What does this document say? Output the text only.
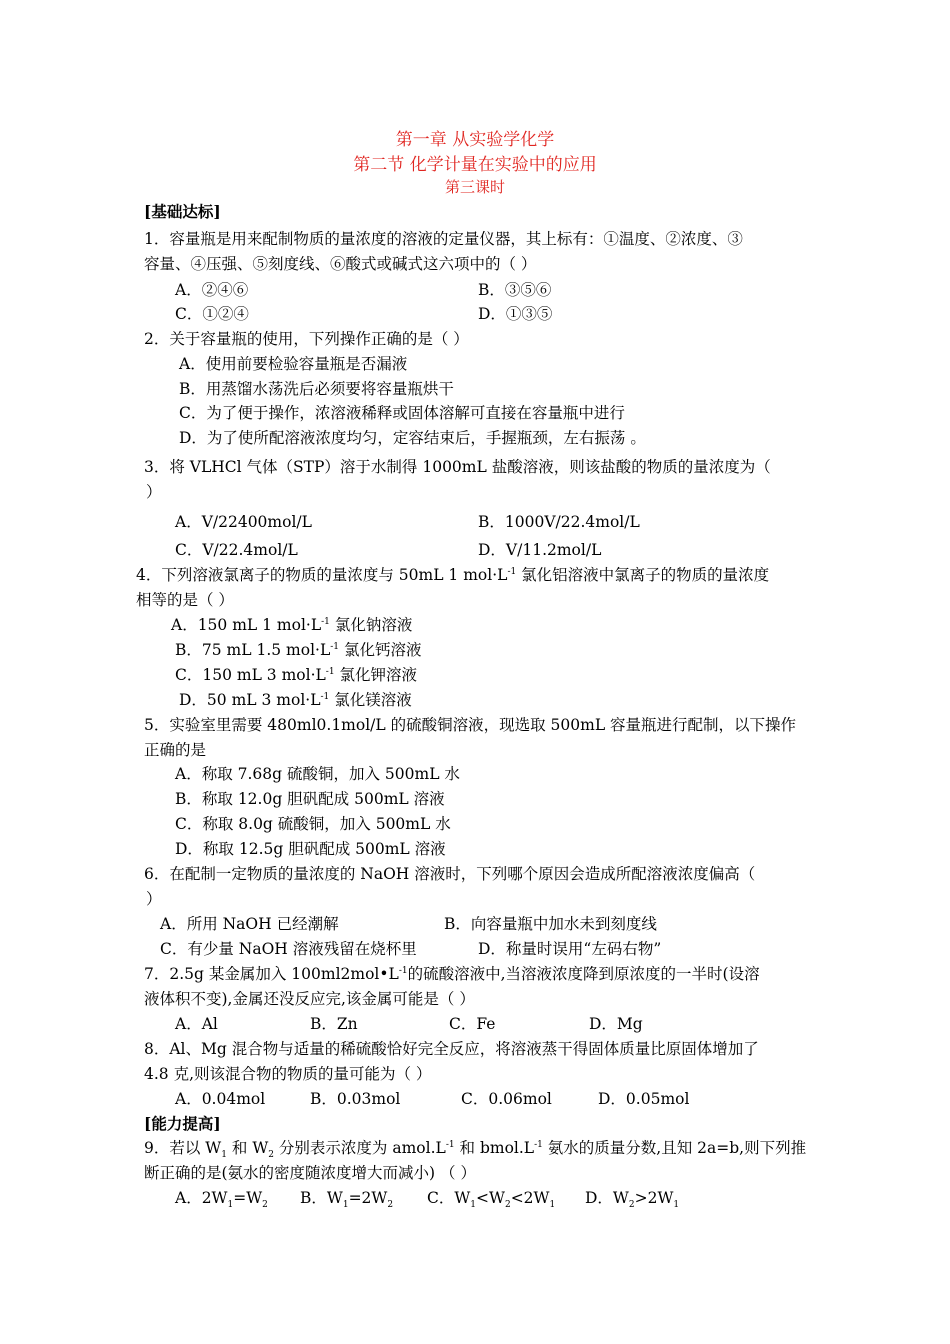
第一章 从实验学化学
第二节 化学计量在实验中的应用
第三课时
[基础达标]
1．容量瓶是用来配制物质的量浓度的溶液的定量仪器，其上标有：①温度、②浓度、③
容量、④压强、⑤刻度线、⑥酸式或碱式这六项中的（ ）
A．②④⑥	B．③⑤⑥
C．①②④	D．①③⑤
2．关于容量瓶的使用，下列操作正确的是（ ）
A．使用前要检验容量瓶是否漏液
B．用蒸馏水荡洗后必须要将容量瓶烘干
C．为了便于操作，浓溶液稀释或固体溶解可直接在容量瓶中进行
D．为了使所配溶液浓度均匀，定容结束后，手握瓶颈，左右振荡 。
3．将 VLHCl 气体（STP）溶于水制得 1000mL 盐酸溶液，则该盐酸的物质的量浓度为（
）
A．V/22400mol/L	B．1000V/22.4mol/L
C．V/22.4mol/L	D．V/11.2mol/L
4．下列溶液氯离子的物质的量浓度与 50mL 1 $mol\cdot L^{-1}$ 氯化铝溶液中氯离子的物质的量浓度
相等的是（ ）
A．150 mL 1 $mol\cdot L^{-1}$ 氯化钠溶液
B．75 mL 1.5 $mol\cdot L^{-1}$ 氯化钙溶液
C．150 mL 3 $mol\cdot L^{-1}$ 氯化钾溶液
D．50 mL 3 $mol\cdot L^{-1}$ 氯化镁溶液
5．实验室里需要 480ml0.1mol/L 的硫酸铜溶液，现选取 500mL 容量瓶进行配制，以下操作
正确的是
A．称取 7.68g 硫酸铜，加入 500mL 水
B．称取 12.0g 胆矾配成 500mL 溶液
C．称取 8.0g 硫酸铜，加入 500mL 水
D．称取 12.5g 胆矾配成 500mL 溶液
6．在配制一定物质的量浓度的 NaOH 溶液时，下列哪个原因会造成所配溶液浓度偏高（
）
A．所用 NaOH 已经潮解	B．向容量瓶中加水未到刻度线
C．有少量 NaOH 溶液残留在烧杯里	D．称量时误用“左码右物”
7．2.5g 某金属加入 $100ml2mol•L^{-1}$的硫酸溶液中,当溶液浓度降到原浓度的一半时(设溶
液体积不变),金属还没反应完,该金属可能是（ ）
A．Al	B．Zn	C．Fe	D．Mg
8．Al、Mg 混合物与适量的稀硫酸恰好完全反应，将溶液蒸干得固体质量比原固体增加了
4.8 克,则该混合物的物质的量可能为（ ）
A．0.04mol	B．0.03mol	C．0.06mol	D．0.05mol
[能力提高]
9．若以 $W_1$ 和 $W_2$ 分别表示浓度为 $amol.L^{-1}$ 和 $bmol.L^{-1}$ 氨水的质量分数,且知 2a=b,则下列推
断正确的是(氨水的密度随浓度增大而减小) （ ）
A．$2W_1=W_2$ B．$W_1=2W_2$ C．$W_1<W_2<2W_1$ D．$W_2>2W_1$
